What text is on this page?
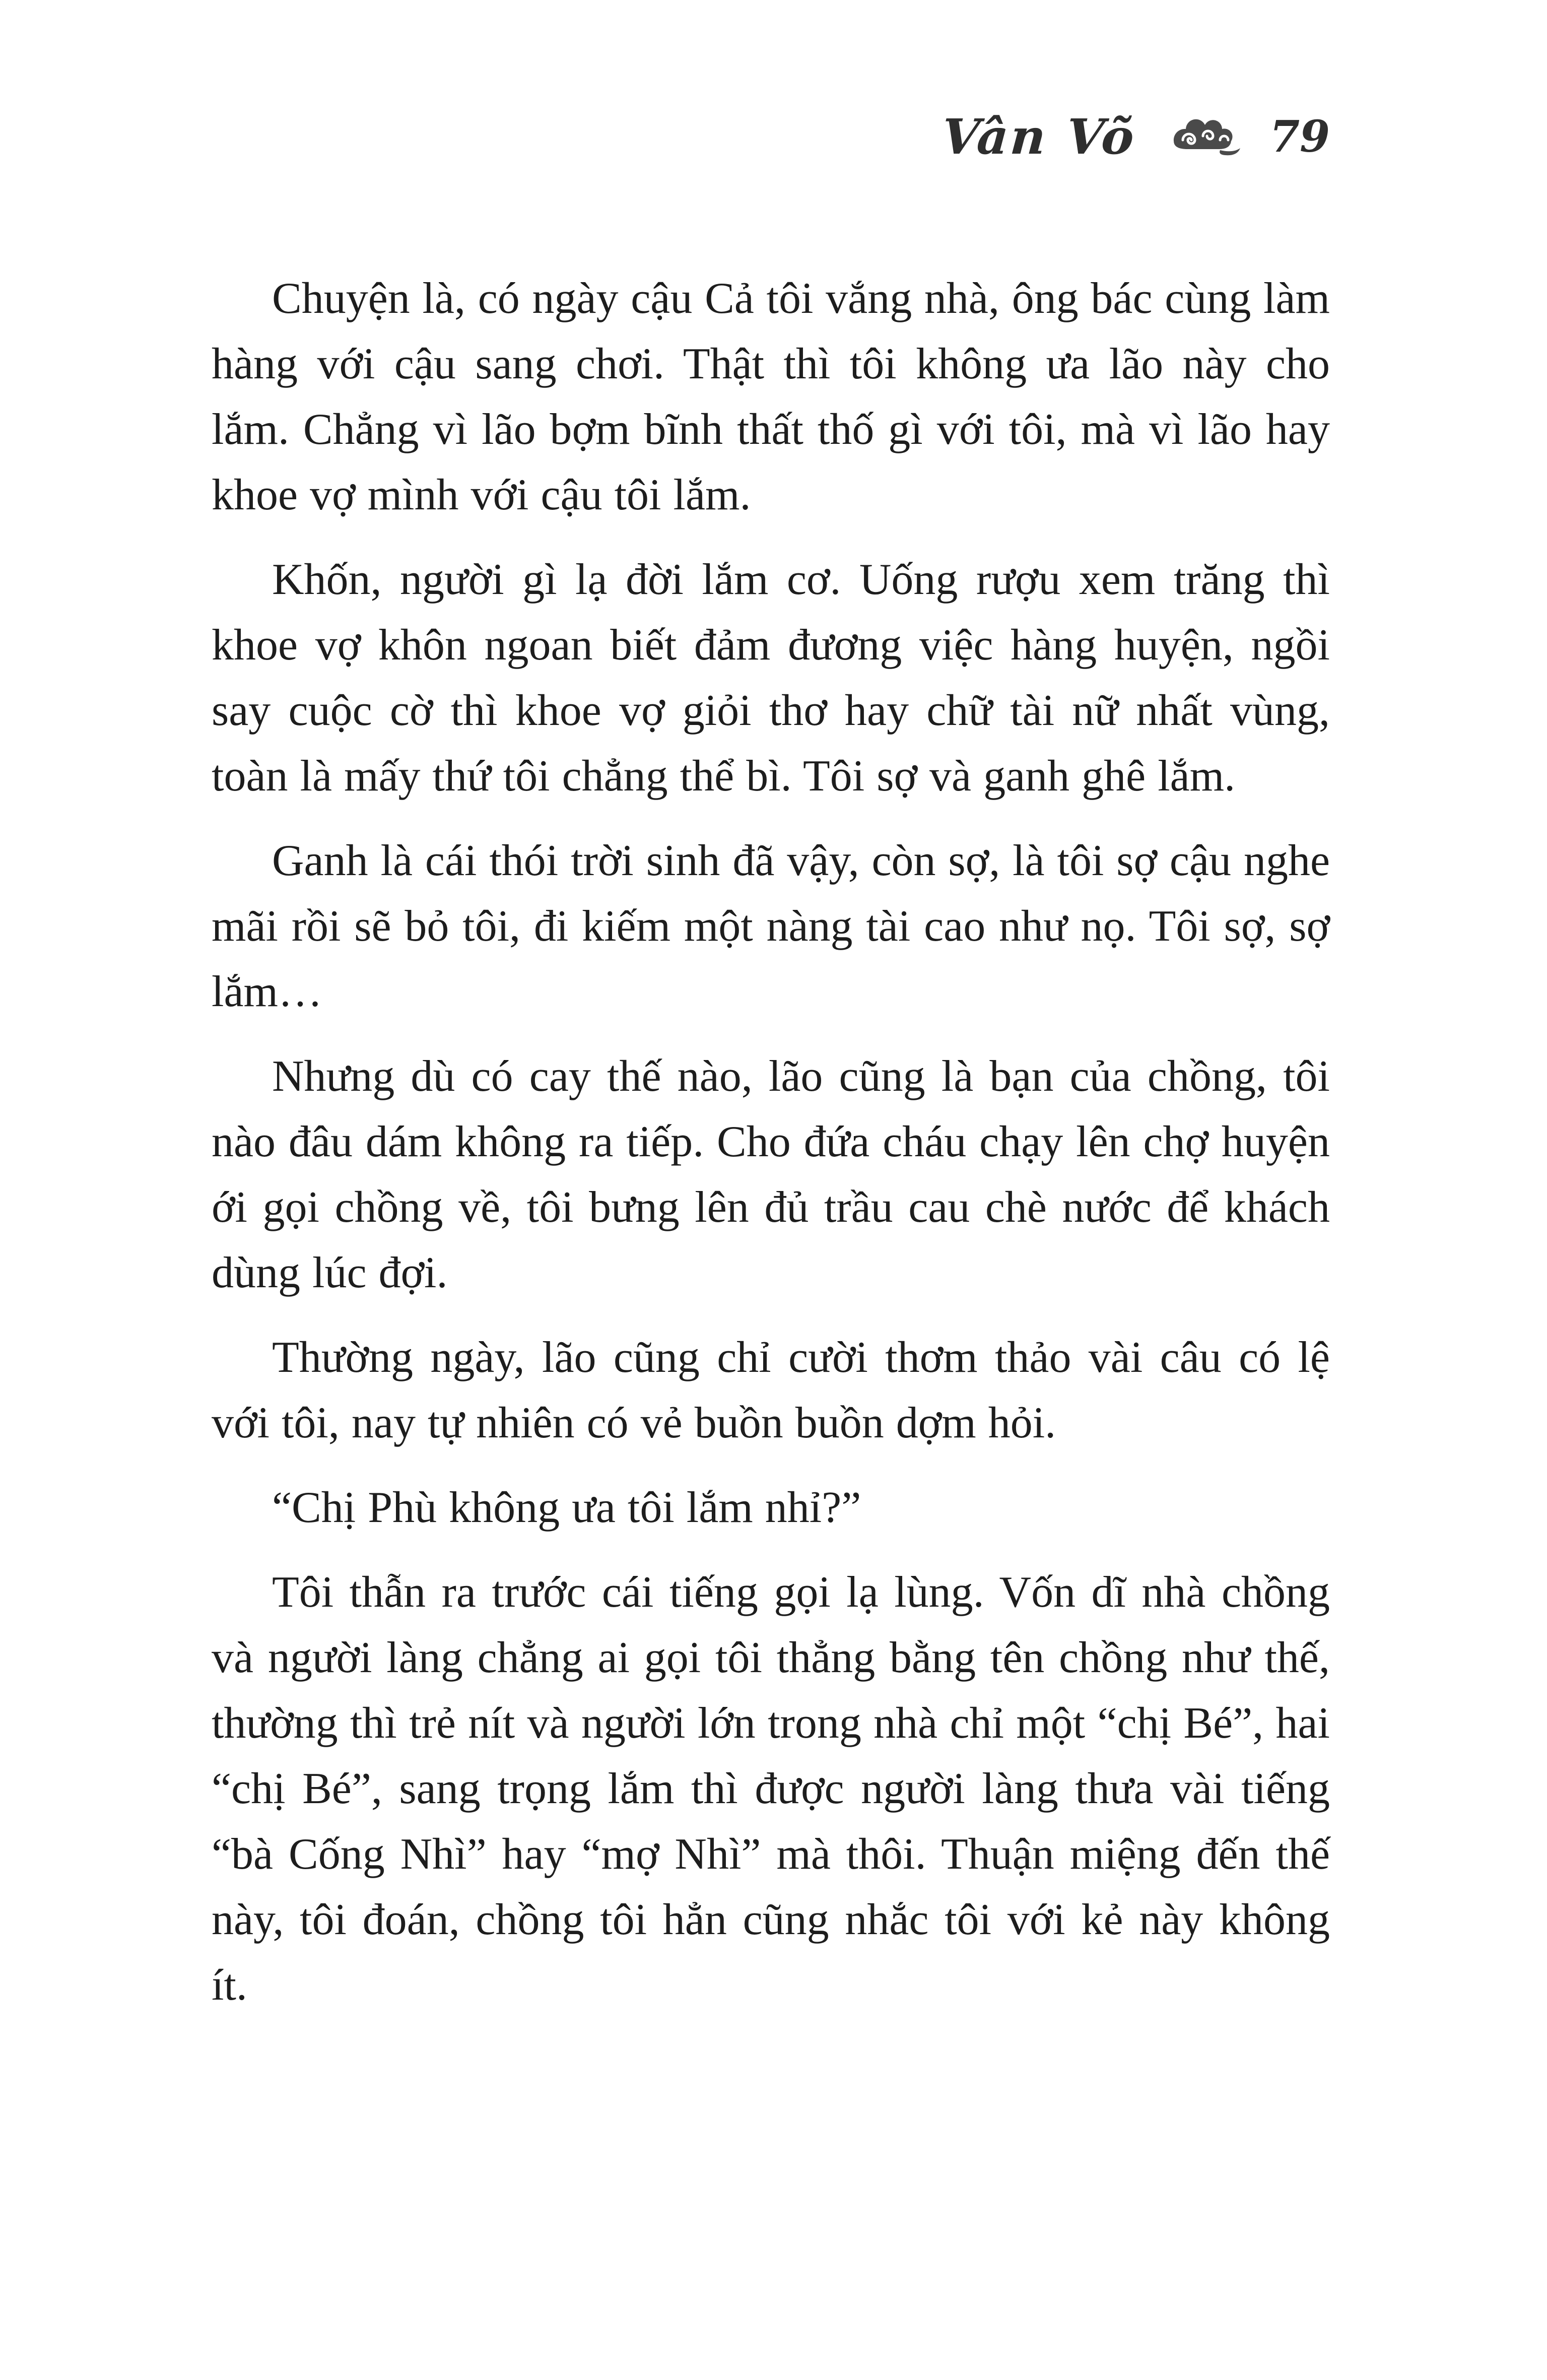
Vân Võ	79

Chuyện là, có ngày cậu Cả tôi vắng nhà, ông bác cùng làm hàng với cậu sang chơi. Thật thì tôi không ưa lão này cho lắm. Chẳng vì lão bợm bĩnh thất thố gì với tôi, mà vì lão hay khoe vợ mình với cậu tôi lắm.

Khốn, người gì lạ đời lắm cơ. Uống rượu xem trăng thì khoe vợ khôn ngoan biết đảm đương việc hàng huyện, ngồi say cuộc cờ thì khoe vợ giỏi thơ hay chữ tài nữ nhất vùng, toàn là mấy thứ tôi chẳng thể bì. Tôi sợ và ganh ghê lắm.

Ganh là cái thói trời sinh đã vậy, còn sợ, là tôi sợ cậu nghe mãi rồi sẽ bỏ tôi, đi kiếm một nàng tài cao như nọ. Tôi sợ, sợ lắm…

Nhưng dù có cay thế nào, lão cũng là bạn của chồng, tôi nào đâu dám không ra tiếp. Cho đứa cháu chạy lên chợ huyện ới gọi chồng về, tôi bưng lên đủ trầu cau chè nước để khách dùng lúc đợi.

Thường ngày, lão cũng chỉ cười thơm thảo vài câu có lệ với tôi, nay tự nhiên có vẻ buồn buồn dợm hỏi.

“Chị Phù không ưa tôi lắm nhỉ?”

Tôi thẫn ra trước cái tiếng gọi lạ lùng. Vốn dĩ nhà chồng và người làng chẳng ai gọi tôi thẳng bằng tên chồng như thế, thường thì trẻ nít và người lớn trong nhà chỉ một “chị Bé”, hai “chị Bé”, sang trọng lắm thì được người làng thưa vài tiếng “bà Cống Nhì” hay “mợ Nhì” mà thôi. Thuận miệng đến thế này, tôi đoán, chồng tôi hẳn cũng nhắc tôi với kẻ này không ít.
